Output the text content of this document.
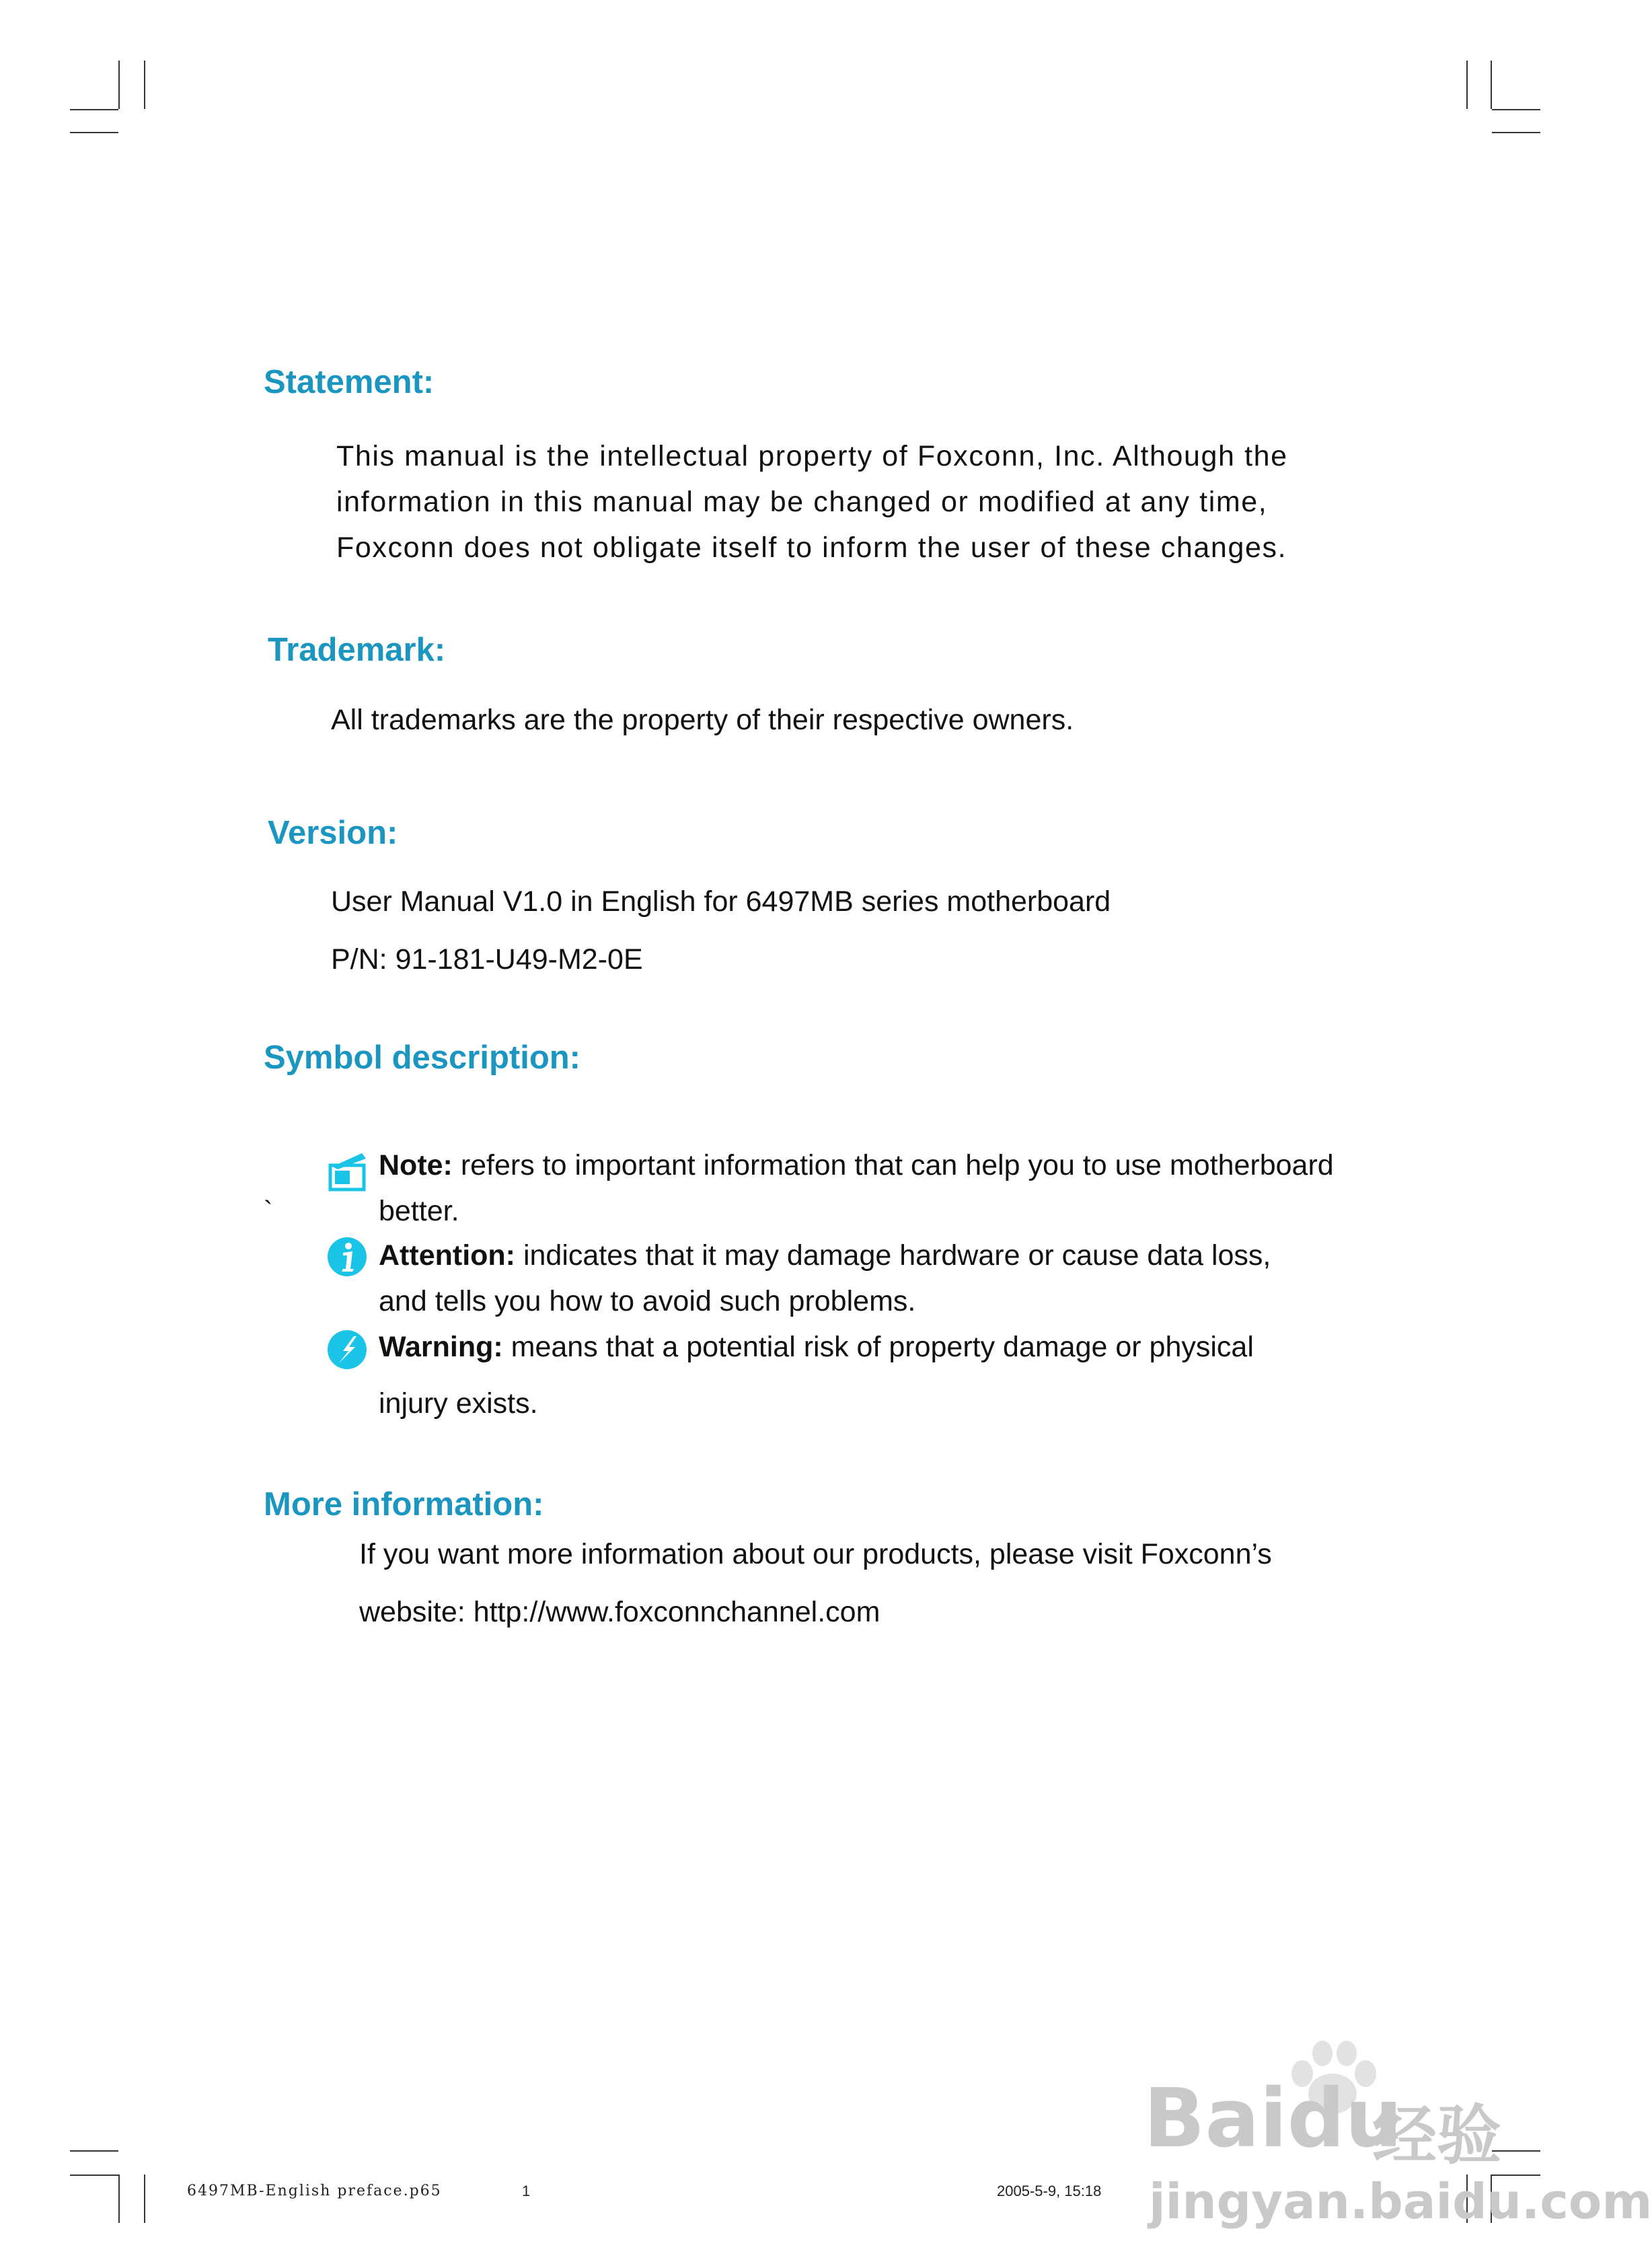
Statement:

This manual is the intellectual property of Foxconn, Inc. Although the

information in this manual may be changed or modified at any time,

Foxconn does not obligate itself to inform the user of these changes.

Trademark:
All trademarks are the property of their respective owners.
Version:
User Manual V1.0 in English for 6497MB series motherboard
P/N: 91-181-U49-M2-0E
Symbol description:
`
Note: refers to important information that can help you to use motherboard
better.
Attention: indicates that it may damage hardware or cause data loss,
and tells you how to avoid such problems.
Warning: means that a potential risk of property damage or physical
injury exists.
More information:
If you want more information about our products, please visit Foxconn’s
website: http://www.foxconnchannel.com
6497MB-English preface.p65	1	2005-5-9, 15:18
Baidu
经验
jingyan.baidu.com
